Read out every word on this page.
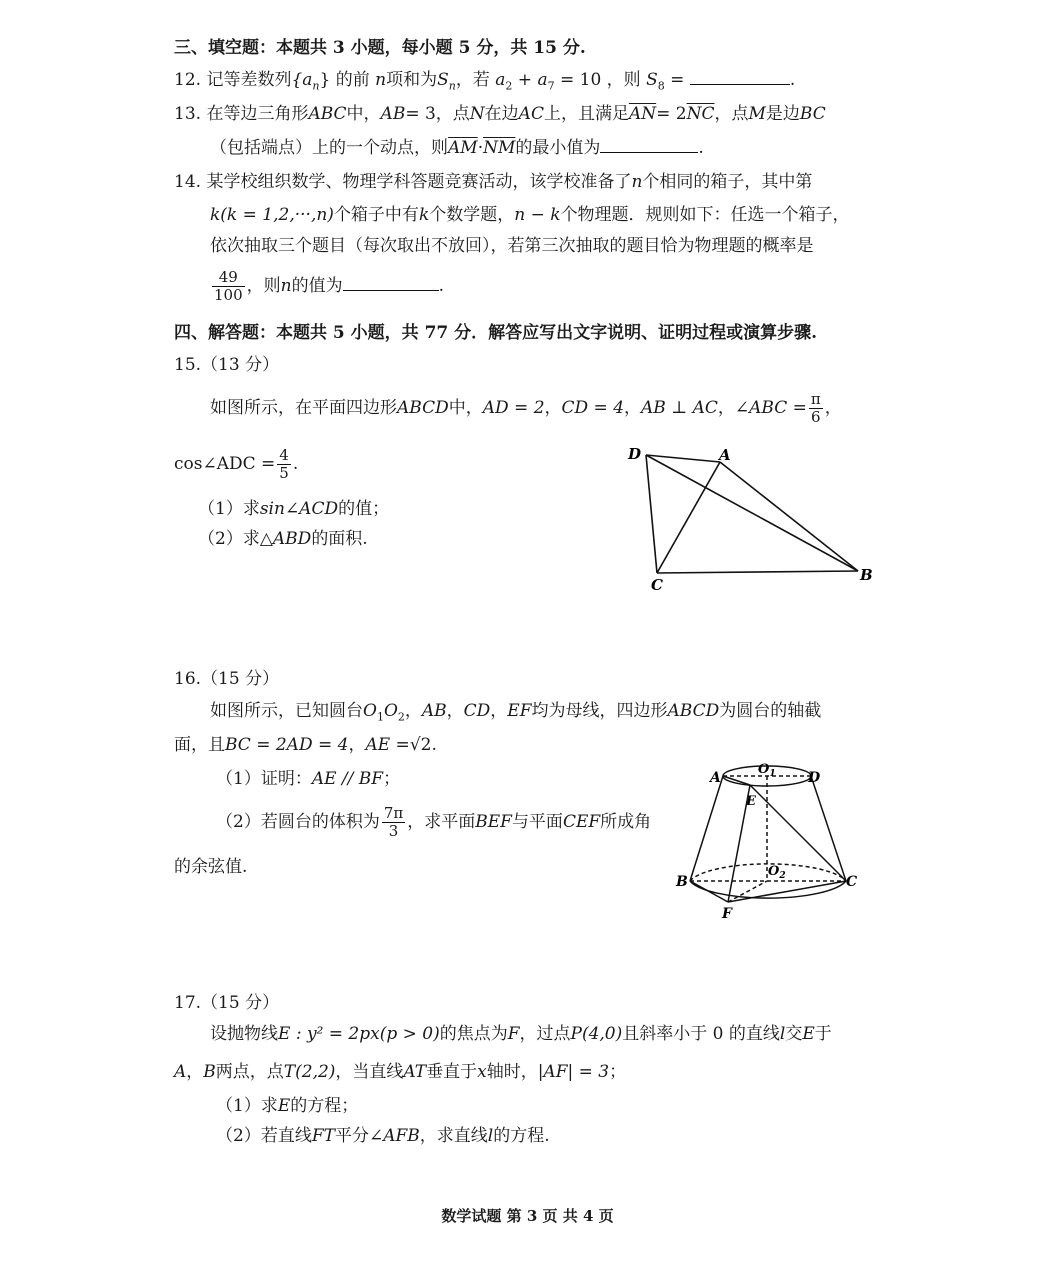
三、填空题：本题共 3 小题，每小题 5 分，共 15 分.
12. 记等差数列$\{a_n\}$ 的前 n项和为$S_n$，若 $a_2 + a_7 = 10$ ，则 $S_8$ =	.
13. 在等边三角形ABC中，AB= 3，点N在边AC上，且满足$\overline{AN}= 2\overline{NC}$，点M是边BC
（包括端点）上的一个动点，则$\overline{AM}\cdot\overline{NM}$的最小值为	.
14. 某学校组织数学、物理学科答题竞赛活动，该学校准备了n个相同的箱子，其中第
k(k = 1,2,···,n)个箱子中有k个数学题，n − k个物理题．规则如下：任选一个箱子，
依次抽取三个题目（每次取出不放回），若第三次抽取的题目恰为物理题的概率是
$\frac{49}{100}$ ，则n的值为	.
四、解答题：本题共 5 小题，共 77 分．解答应写出文字说明、证明过程或演算步骤.
15.（13 分）
如图所示，在平面四边形ABCD中，AD = 2，CD = 4，AB ⊥ AC，∠ABC = $\frac{\pi}{6}$ ，
cos∠ADC = $\frac{4}{5}$ .
（1）求sin∠ACD的值；
（2）求△ABD的面积.
D	A
C
B
16.（15 分）
如图所示，已知圆台$O_1O_2$，AB，CD，EF均为母线，四边形ABCD为圆台的轴截
面，且BC = 2AD = 4，AE =√2.
（1）证明：AE // BF；
（2）若圆台的体积为 $\frac{7\pi}{3}$ ，求平面BEF与平面CEF所成角
的余弦值.
A
$O_1$ D
E
$O_2$
B	C
F
17.（15 分）
设抛物线E : y² = 2px(p > 0)的焦点为F，过点P(4,0)且斜率小于 0 的直线l交E于
A，B两点，点T(2,2)，当直线AT垂直于x轴时，|AF| = 3；
（1）求E的方程；
（2）若直线FT平分∠AFB，求直线l的方程.
数学试题 第 3 页 共 4 页
